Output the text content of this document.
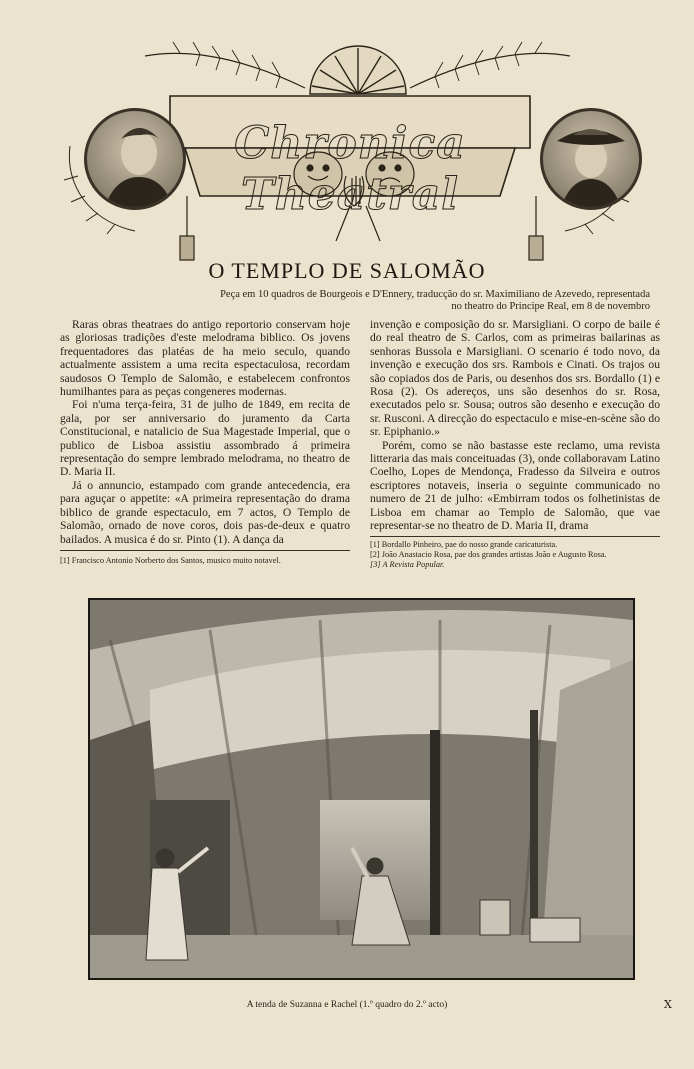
Chronica Theatral
O TEMPLO DE SALOMÃO
Peça em 10 quadros de Bourgeois e D'Ennery, traducção do sr. Maximiliano de Azevedo, representada
no theatro do Principe Real, em 8 de novembro

Raras obras theatraes do antigo reportorio conservam hoje as gloriosas tradições d'este melodrama biblico. Os jovens frequentadores das platéas de ha meio seculo, quando actualmente assistem a uma recita espectaculosa, recordam saudosos O Templo de Salomão, e estabelecem confrontos humilhantes para as peças congeneres modernas.

Foi n'uma terça-feira, 31 de julho de 1849, em recita de gala, por ser anniversario do juramento da Carta Constitucional, e natalicio de Sua Magestade Imperial, que o publico de Lisboa assistiu assombrado á primeira representação do sempre lembrado melodrama, no theatro de D. Maria II.

Já o annuncio, estampado com grande antecedencia, era para aguçar o appetite: «A primeira representação do drama biblico de grande espectaculo, em 7 actos, O Templo de Salomão, ornado de nove coros, dois pas-de-deux e quatro bailados. A musica é do sr. Pinto (1). A dança da

invenção e composição do sr. Marsigliani. O corpo de baile é do real theatro de S. Carlos, com as primeiras bailarinas as senhoras Bussola e Marsigliani. O scenario é todo novo, da invenção e execução dos srs. Rambois e Cinati. Os trajos ou são copiados dos de Paris, ou desenhos dos srs. Bordallo (1) e Rosa (2). Os adereços, uns são desenhos do sr. Rosa, executados pelo sr. Sousa; outros são desenho e execução do sr. Rusconi. A direcção do espectaculo e mise-en-scène são do sr. Epiphanio.»

Porém, como se não bastasse este reclamo, uma revista litteraria das mais conceituadas (3), onde collaboravam Latino Coelho, Lopes de Mendonça, Fradesso da Silveira e outros escriptores notaveis, inseria o seguinte communicado no numero de 21 de julho: «Embirram todos os folhetinistas de Lisboa em chamar ao Templo de Salomão, que vae representar-se no theatro de D. Maria II, drama

[1] Francisco Antonio Norberto dos Santos, musico muito notavel.
[1] Bordallo Pinheiro, pae do nosso grande caricaturista.
[2] João Anastacio Rosa, pae dos grandes artistas João e Augusto Rosa.
[3] A Revista Popular.
A tenda de Suzanna e Rachel (1.º quadro do 2.º acto)	X
